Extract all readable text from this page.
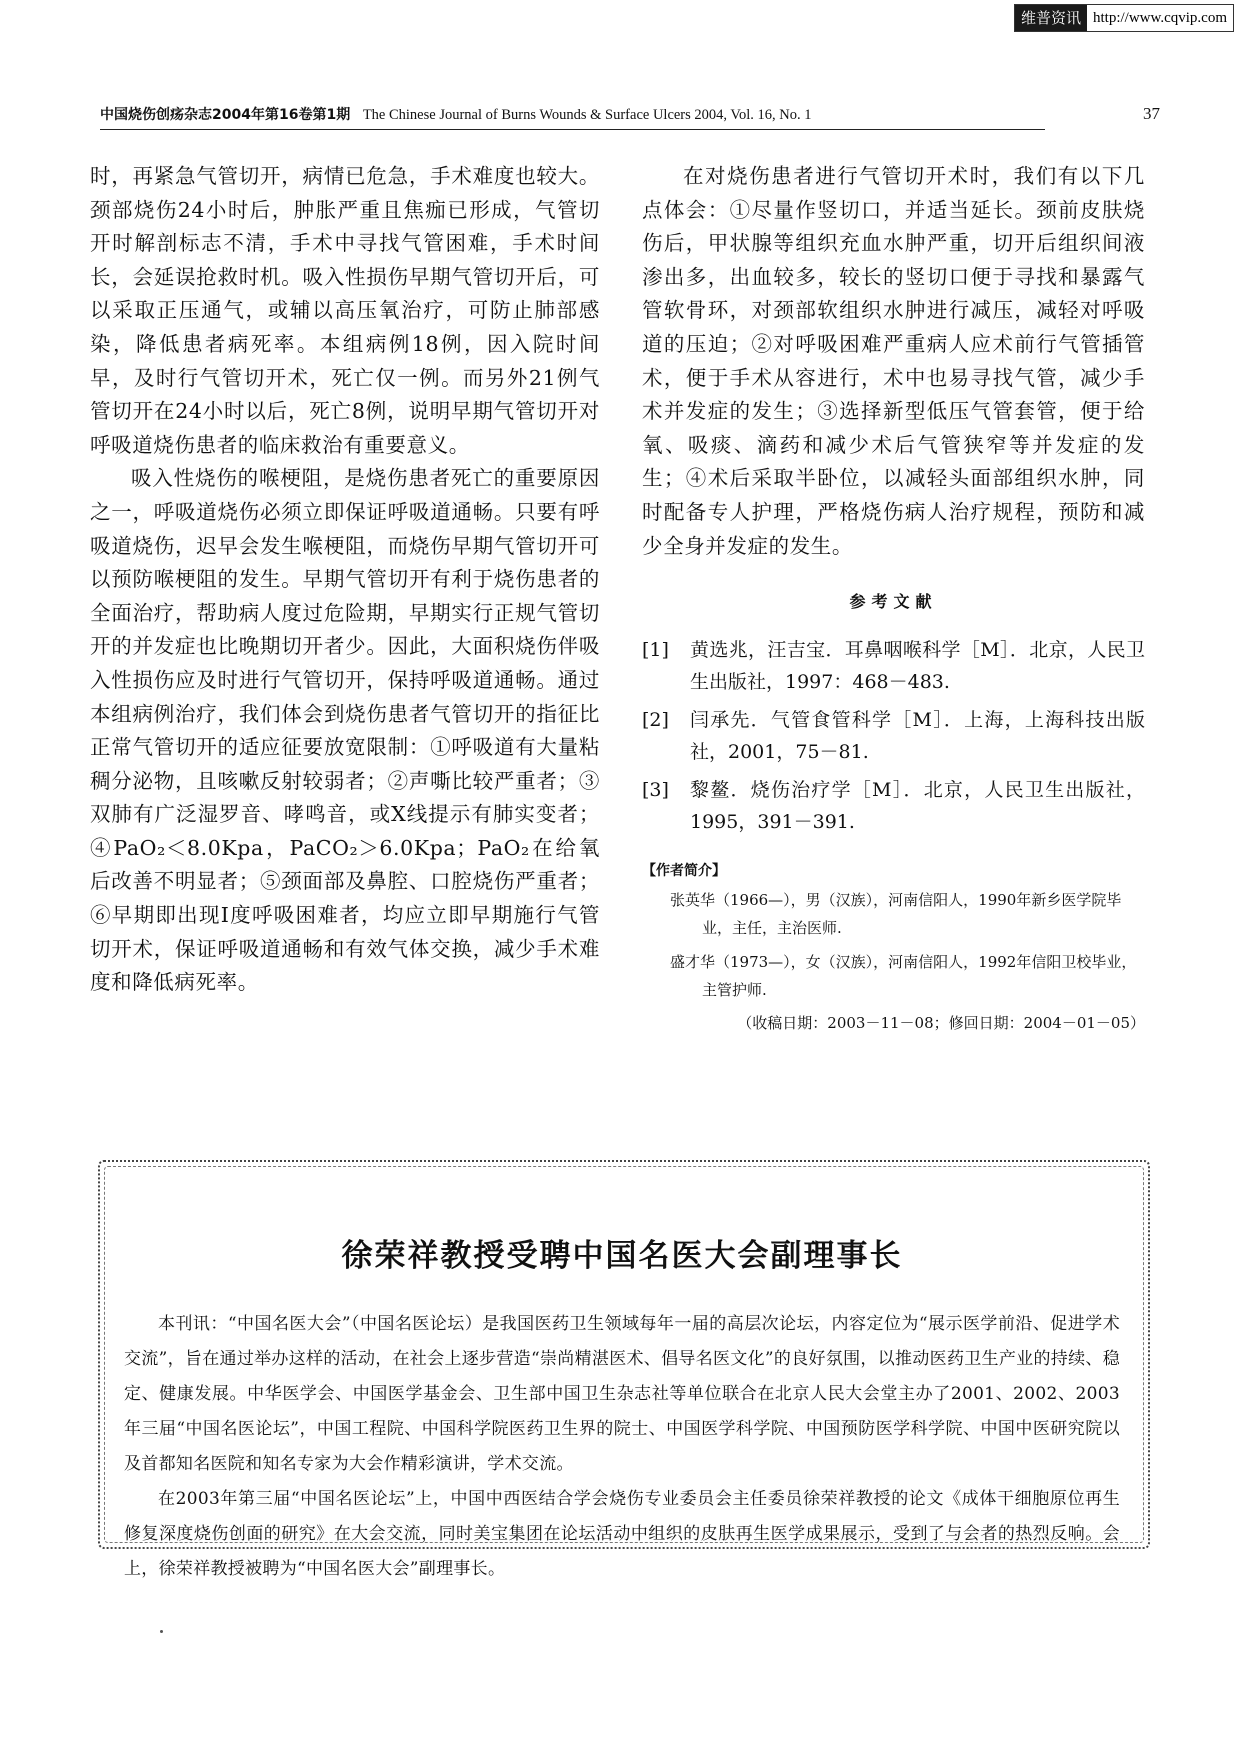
维普资讯 http://www.cqvip.com
中国烧伤创疡杂志2004年第16卷第1期 The Chinese Journal of Burns Wounds & Surface Ulcers 2004, Vol. 16, No. 1	37

时，再紧急气管切开，病情已危急，手术难度也较大。颈部烧伤24小时后，肿胀严重且焦痂已形成，气管切开时解剖标志不清，手术中寻找气管困难，手术时间长，会延误抢救时机。吸入性损伤早期气管切开后，可以采取正压通气，或辅以高压氧治疗，可防止肺部感染，降低患者病死率。本组病例18例，因入院时间早，及时行气管切开术，死亡仅一例。而另外21例气管切开在24小时以后，死亡8例，说明早期气管切开对呼吸道烧伤患者的临床救治有重要意义。

吸入性烧伤的喉梗阻，是烧伤患者死亡的重要原因之一，呼吸道烧伤必须立即保证呼吸道通畅。只要有呼吸道烧伤，迟早会发生喉梗阻，而烧伤早期气管切开可以预防喉梗阻的发生。早期气管切开有利于烧伤患者的全面治疗，帮助病人度过危险期，早期实行正规气管切开的并发症也比晚期切开者少。因此，大面积烧伤伴吸入性损伤应及时进行气管切开，保持呼吸道通畅。通过本组病例治疗，我们体会到烧伤患者气管切开的指征比正常气管切开的适应征要放宽限制：①呼吸道有大量粘稠分泌物，且咳嗽反射较弱者；②声嘶比较严重者；③双肺有广泛湿罗音、哮鸣音，或X线提示有肺实变者；④PaO₂＜8.0Kpa，PaCO₂＞6.0Kpa；PaO₂在给氧后改善不明显者；⑤颈面部及鼻腔、口腔烧伤严重者；⑥早期即出现Ⅰ度呼吸困难者，均应立即早期施行气管切开术，保证呼吸道通畅和有效气体交换，减少手术难度和降低病死率。

在对烧伤患者进行气管切开术时，我们有以下几点体会：①尽量作竖切口，并适当延长。颈前皮肤烧伤后，甲状腺等组织充血水肿严重，切开后组织间液渗出多，出血较多，较长的竖切口便于寻找和暴露气管软骨环，对颈部软组织水肿进行减压，减轻对呼吸道的压迫；②对呼吸困难严重病人应术前行气管插管术，便于手术从容进行，术中也易寻找气管，减少手术并发症的发生；③选择新型低压气管套管，便于给氧、吸痰、滴药和减少术后气管狭窄等并发症的发生；④术后采取半卧位，以减轻头面部组织水肿，同时配备专人护理，严格烧伤病人治疗规程，预防和减少全身并发症的发生。

参考文献
[1]	黄选兆，汪吉宝．耳鼻咽喉科学［M］．北京，人民卫生出版社，1997：468－483.
[2]	闫承先．气管食管科学［M］．上海，上海科技出版社，2001，75－81.
[3]	黎鳌．烧伤治疗学［M］．北京，人民卫生出版社，1995，391－391.
【作者简介】

张英华（1966—），男（汉族），河南信阳人，1990年新乡医学院毕业，主任，主治医师.

盛才华（1973—），女（汉族），河南信阳人，1992年信阳卫校毕业，主管护师.

（收稿日期：2003－11－08；修回日期：2004－01－05）

徐荣祥教授受聘中国名医大会副理事长

本刊讯：“中国名医大会”（中国名医论坛）是我国医药卫生领域每年一届的高层次论坛，内容定位为“展示医学前沿、促进学术交流”，旨在通过举办这样的活动，在社会上逐步营造“崇尚精湛医术、倡导名医文化”的良好氛围，以推动医药卫生产业的持续、稳定、健康发展。中华医学会、中国医学基金会、卫生部中国卫生杂志社等单位联合在北京人民大会堂主办了2001、2002、2003年三届“中国名医论坛”，中国工程院、中国科学院医药卫生界的院士、中国医学科学院、中国预防医学科学院、中国中医研究院以及首都知名医院和知名专家为大会作精彩演讲，学术交流。

在2003年第三届“中国名医论坛”上，中国中西医结合学会烧伤专业委员会主任委员徐荣祥教授的论文《成体干细胞原位再生修复深度烧伤创面的研究》在大会交流，同时美宝集团在论坛活动中组织的皮肤再生医学成果展示，受到了与会者的热烈反响。会上，徐荣祥教授被聘为“中国名医大会”副理事长。
